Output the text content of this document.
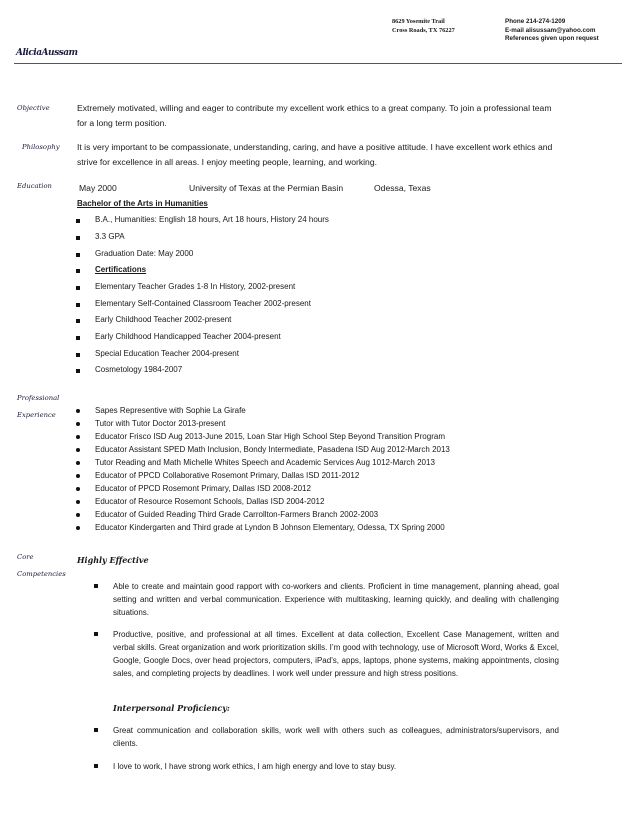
8629 Yosemite Trail
Cross Roads, TX 76227
Phone 214-274-1209
E-mail alisussam@yahoo.com
References given upon request
AliciaAussam
Objective	Extremely motivated, willing and eager to contribute my excellent work ethics to a great company. To join a professional team for a long term position.
Philosophy It is very important to be compassionate, understanding, caring, and have a positive attitude. I have excellent work ethics and strive for excellence in all areas. I enjoy meeting people, learning, and working.
Education	May 2000	University of Texas at the Permian Basin	Odessa, Texas
Bachelor of the Arts in Humanities
B.A., Humanities: English 18 hours, Art 18 hours, History 24 hours
3.3 GPA
Graduation Date: May 2000
Certifications
Elementary Teacher Grades 1-8 In History, 2002-present
Elementary Self-Contained Classroom Teacher 2002-present
Early Childhood Teacher 2002-present
Early Childhood Handicapped Teacher 2004-present
Special Education Teacher 2004-present
Cosmetology 1984-2007
Professional
Experience	Sapes Representive with Sophie La Girafe
Tutor with Tutor Doctor 2013-present
Educator Frisco ISD Aug 2013-June 2015, Loan Star High School Step Beyond Transition Program
Educator Assistant SPED Math Inclusion, Bondy Intermediate, Pasadena ISD Aug 2012-March 2013
Tutor Reading and Math Michelle Whites Speech and Academic Services Aug 1012-March 2013
Educator of PPCD Collaborative Rosemont Primary, Dallas ISD 2011-2012
Educator of PPCD Rosemont Primary, Dallas ISD 2008-2012
Educator of Resource Rosemont Schools, Dallas ISD 2004-2012
Educator of Guided Reading Third Grade Carrollton-Farmers Branch 2002-2003
Educator Kindergarten and Third grade at Lyndon B Johnson Elementary, Odessa, TX Spring 2000
Core
Competencies
Highly Effective
Able to create and maintain good rapport with co-workers and clients. Proficient in time management, planning ahead, goal setting and written and verbal communication. Experience with multitasking, learning quickly, and dealing with challenging situations.
Productive, positive, and professional at all times. Excellent at data collection, Excellent Case Management, written and verbal skills. Great organization and work prioritization skills. I’m good with technology, use of Microsoft Word, Works & Excel, Google, Google Docs, over head projectors, computers, iPad’s, apps, laptops, phone systems, making appointments, closing sales, and completing projects by deadlines. I work well under pressure and high stress positions.
Interpersonal Proficiency:
Great communication and collaboration skills, work well with others such as colleagues, administrators/supervisors, and clients.
I love to work, I have strong work ethics, I am high energy and love to stay busy.
